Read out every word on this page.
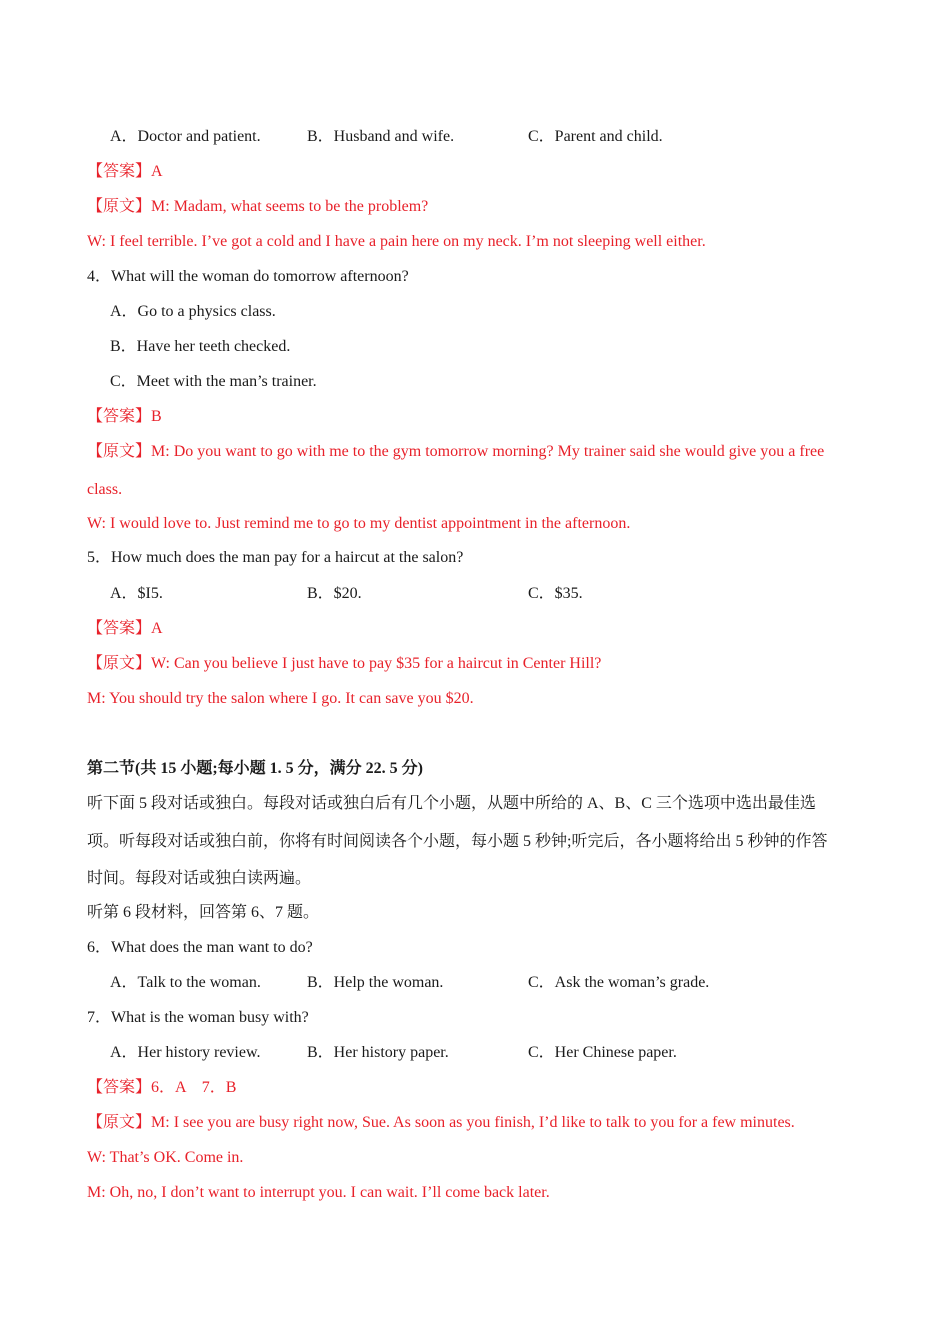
A．Doctor and patient.	B．Husband and wife.	C．Parent and child.
【答案】A
【原文】M: Madam, what seems to be the problem?
W: I feel terrible. I’ve got a cold and I have a pain here on my neck. I’m not sleeping well either.
4．What will the woman do tomorrow afternoon?
A．Go to a physics class.
B．Have her teeth checked.
C．Meet with the man’s trainer.
【答案】B
【原文】M: Do you want to go with me to the gym tomorrow morning? My trainer said she would give you a free
class.
W: I would love to. Just remind me to go to my dentist appointment in the afternoon.
5．How much does the man pay for a haircut at the salon?
A．$I5.	B．$20.	C．$35.
【答案】A
【原文】W: Can you believe I just have to pay $35 for a haircut in Center Hill?
M: You should try the salon where I go. It can save you $20.
第二节(共 15 小题;每小题 1. 5 分，满分 22. 5 分)
听下面 5 段对话或独白。每段对话或独白后有几个小题，从题中所给的 A、B、C 三个选项中选出最佳选
项。听每段对话或独白前，你将有时间阅读各个小题，每小题 5 秒钟;听完后，各小题将给出 5 秒钟的作答
时间。每段对话或独白读两遍。
听第 6 段材料，回答第 6、7 题。
6．What does the man want to do?
A．Talk to the woman.	B．Help the woman.	C．Ask the woman’s grade.
7．What is the woman busy with?
A．Her history review.	B．Her history paper.	C．Her Chinese paper.
【答案】6．A　7．B
【原文】M: I see you are busy right now, Sue. As soon as you finish, I’d like to talk to you for a few minutes.
W: That’s OK. Come in.
M: Oh, no, I don’t want to interrupt you. I can wait. I’ll come back later.
